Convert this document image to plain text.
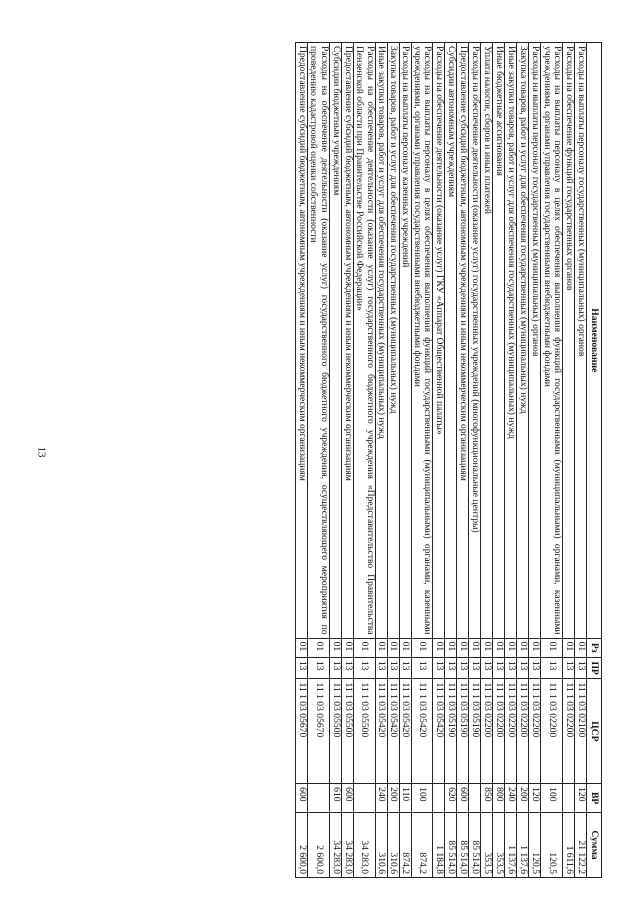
13
Наименование	Рз	ПР	ЦСР	ВР	Сумма
Расходы на выплаты персоналу государственных (муниципальных) органов	01	13	11 1 03 02100	120	21 122,2
Расходы на обеспечение функций государственных органов	01	13	11 1 03 02200		1 611,6
Расходы на выплаты персоналу в целях обеспечения выполнения функций государственными (муниципальными) органами, казенными учреждениями, органами управления государственными внебюджетными фондами	01	13	11 1 03 02200	100	120,5
Расходы на выплаты персоналу государственных (муниципальных) органов	01	13	11 1 03 02200	120	120,5
Закупка товаров, работ и услуг для обеспечения государственных (муниципальных) нужд	01	13	11 1 03 02200	200	1 137,6
Иные закупки товаров, работ и услуг для обеспечения государственных (муниципальных) нужд	01	13	11 1 03 02200	240	1 137,6
Иные бюджетные ассигнования	01	13	11 1 03 02200	800	353,5
Уплата налогов, сборов и иных платежей	01	13	11 1 03 02200	850	353,5
Расходы на обеспечение деятельности (оказание услуг) государственных учреждений (многофункциональные центры)	01	13	11 1 03 05190		85 514,0
Предоставление субсидий бюджетным, автономным учреждениям и иным некоммерческим организациям	01	13	11 1 03 05190	600	85 514,0
Субсидии автономным учреждениям	01	13	11 1 03 05190	620	85 514,0
Расходы на обеспечение деятельности (оказание услуг) ГКУ «Аппарат Общественной палаты»	01	13	11 1 03 05420		1 184,8
Расходы на выплаты персоналу в целях обеспечения выполнения функций государственными (муниципальными) органами, казенными учреждениями, органами управления государственными внебюджетными фондами	01	13	11 1 03 05420	100	874,2
Расходы на выплаты персоналу казенных учреждений	01	13	11 1 03 05420	110	874,2
Закупка товаров, работ и услуг для обеспечения государственных (муниципальных) нужд	01	13	11 1 03 05420	200	310,6
Иные закупки товаров, работ и услуг для обеспечения государственных (муниципальных) нужд	01	13	11 1 03 05420	240	310,6
Расходы на обеспечение деятельности (оказание услуг) государственного бюджетного учреждения «Представительство Правительства Пензенской области при Правительстве Российской Федерации»	01	13	11 1 03 05500		34 283,0
Предоставление субсидий бюджетным, автономным учреждениям и иным некоммерческим организациям	01	13	11 1 03 05500	600	34 283,0
Субсидии бюджетным учреждениям	01	13	11 1 03 05500	610	34 283,0
Расходы на обеспечение деятельности (оказание услуг) государственного бюджетного учреждения, осуществляющего мероприятия по проведению кадастровой оценки собственности	01	13	11 1 03 05670		2 600,0
Предоставление субсидий бюджетным, автономным учреждениям и иным некоммерческим организациям	01	13	11 1 03 05670	600	2 600,0
